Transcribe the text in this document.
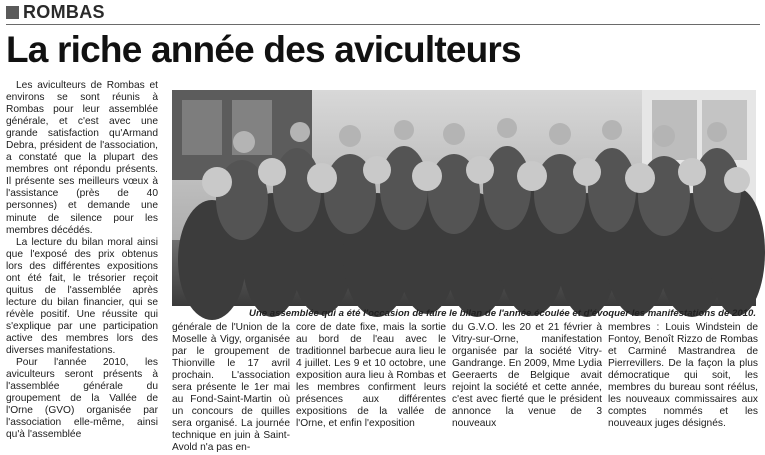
ROMBAS
La riche année des aviculteurs

Les aviculteurs de Rombas et environs se sont réunis à Rombas pour leur assemblée générale, et c'est avec une grande satisfaction qu'Armand Debra, président de l'association, a constaté que la plupart des membres ont répondu présents. Il présente ses meilleurs vœux à l'assistance (près de 40 personnes) et demande une minute de silence pour les membres décédés.

La lecture du bilan moral ainsi que l'exposé des prix obtenus lors des différentes expositions ont été fait, le trésorier reçoit quitus de l'assemblée après lecture du bilan financier, qui se révèle positif. Une réussite qui s'explique par une participation active des membres lors des diverses manifestations.

Pour l'année 2010, les aviculteurs seront présents à l'assemblée générale du groupement de la Vallée de l'Orne (GVO) organisée par l'association elle-même, ainsi qu'à l'assemblée

Une assemblée qui a été l'occasion de faire le bilan de l'année écoulée et d'évoquer les manifestations de 2010.

générale de l'Union de la Moselle à Vigy, organisée par le groupement de Thionville le 17 avril prochain. L'association sera présente le 1er mai au Fond-Saint-Martin où un concours de quilles sera organisé. La journée technique en juin à Saint-Avold n'a pas en-

core de date fixe, mais la sortie au bord de l'eau avec le traditionnel barbecue aura lieu le 4 juillet. Les 9 et 10 octobre, une exposition aura lieu à Rombas et les membres confirment leurs présences aux différentes expositions de la vallée de l'Orne, et enfin l'exposition

du G.V.O. les 20 et 21 février à Vitry-sur-Orne, manifestation organisée par la société Vitry-Gandrange. En 2009, Mme Lydia Geeraerts de Belgique avait rejoint la société et cette année, c'est avec fierté que le président annonce la venue de 3 nouveaux

membres : Louis Windstein de Fontoy, Benoît Rizzo de Rombas et Carminé Mastrandrea de Pierrevillers. De la façon la plus démocratique qui soit, les membres du bureau sont réélus, les nouveaux commissaires aux comptes nommés et les nouveaux juges désignés.
